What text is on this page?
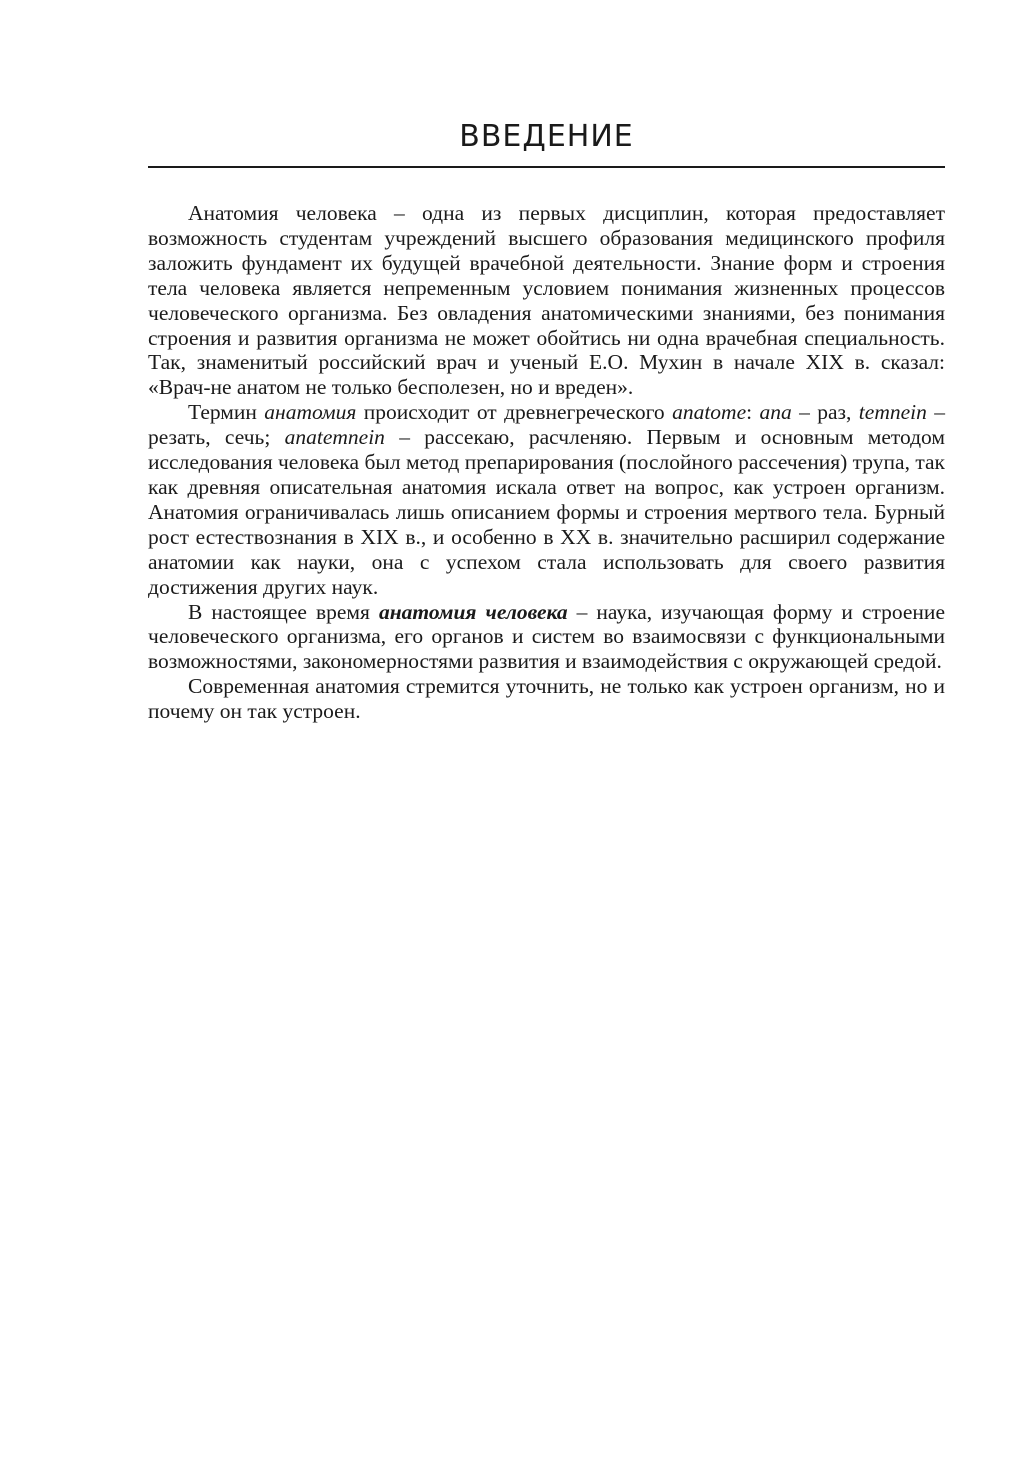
ВВЕДЕНИЕ

Анатомия человека – одна из первых дисциплин, которая предоставляет возможность студентам учреждений высшего образования медицинского профиля заложить фундамент их будущей врачебной деятельности. Знание форм и строения тела человека является непременным условием понимания жизненных процессов человеческого организма. Без овладения анатомическими знаниями, без понимания строения и развития организма не может обойтись ни одна врачебная специальность. Так, знаменитый российский врач и ученый Е.О. Мухин в начале XIX в. сказал: «Врач-не анатом не только бесполезен, но и вреден».

Термин анатомия происходит от древнегреческого anatome: ana – раз, temnein – резать, сечь; anatemnein – рассекаю, расчленяю. Первым и основным методом исследования человека был метод препарирования (послойного рассечения) трупа, так как древняя описательная анатомия искала ответ на вопрос, как устроен организм. Анатомия ограничивалась лишь описанием формы и строения мертвого тела. Бурный рост естествознания в XIX в., и особенно в XX в. значительно расширил содержание анатомии как науки, она с успехом стала использовать для своего развития достижения других наук.

В настоящее время анатомия человека – наука, изучающая форму и строение человеческого организма, его органов и систем во взаимосвязи с функциональными возможностями, закономерностями развития и взаимодействия с окружающей средой.

Современная анатомия стремится уточнить, не только как устроен организм, но и почему он так устроен.
